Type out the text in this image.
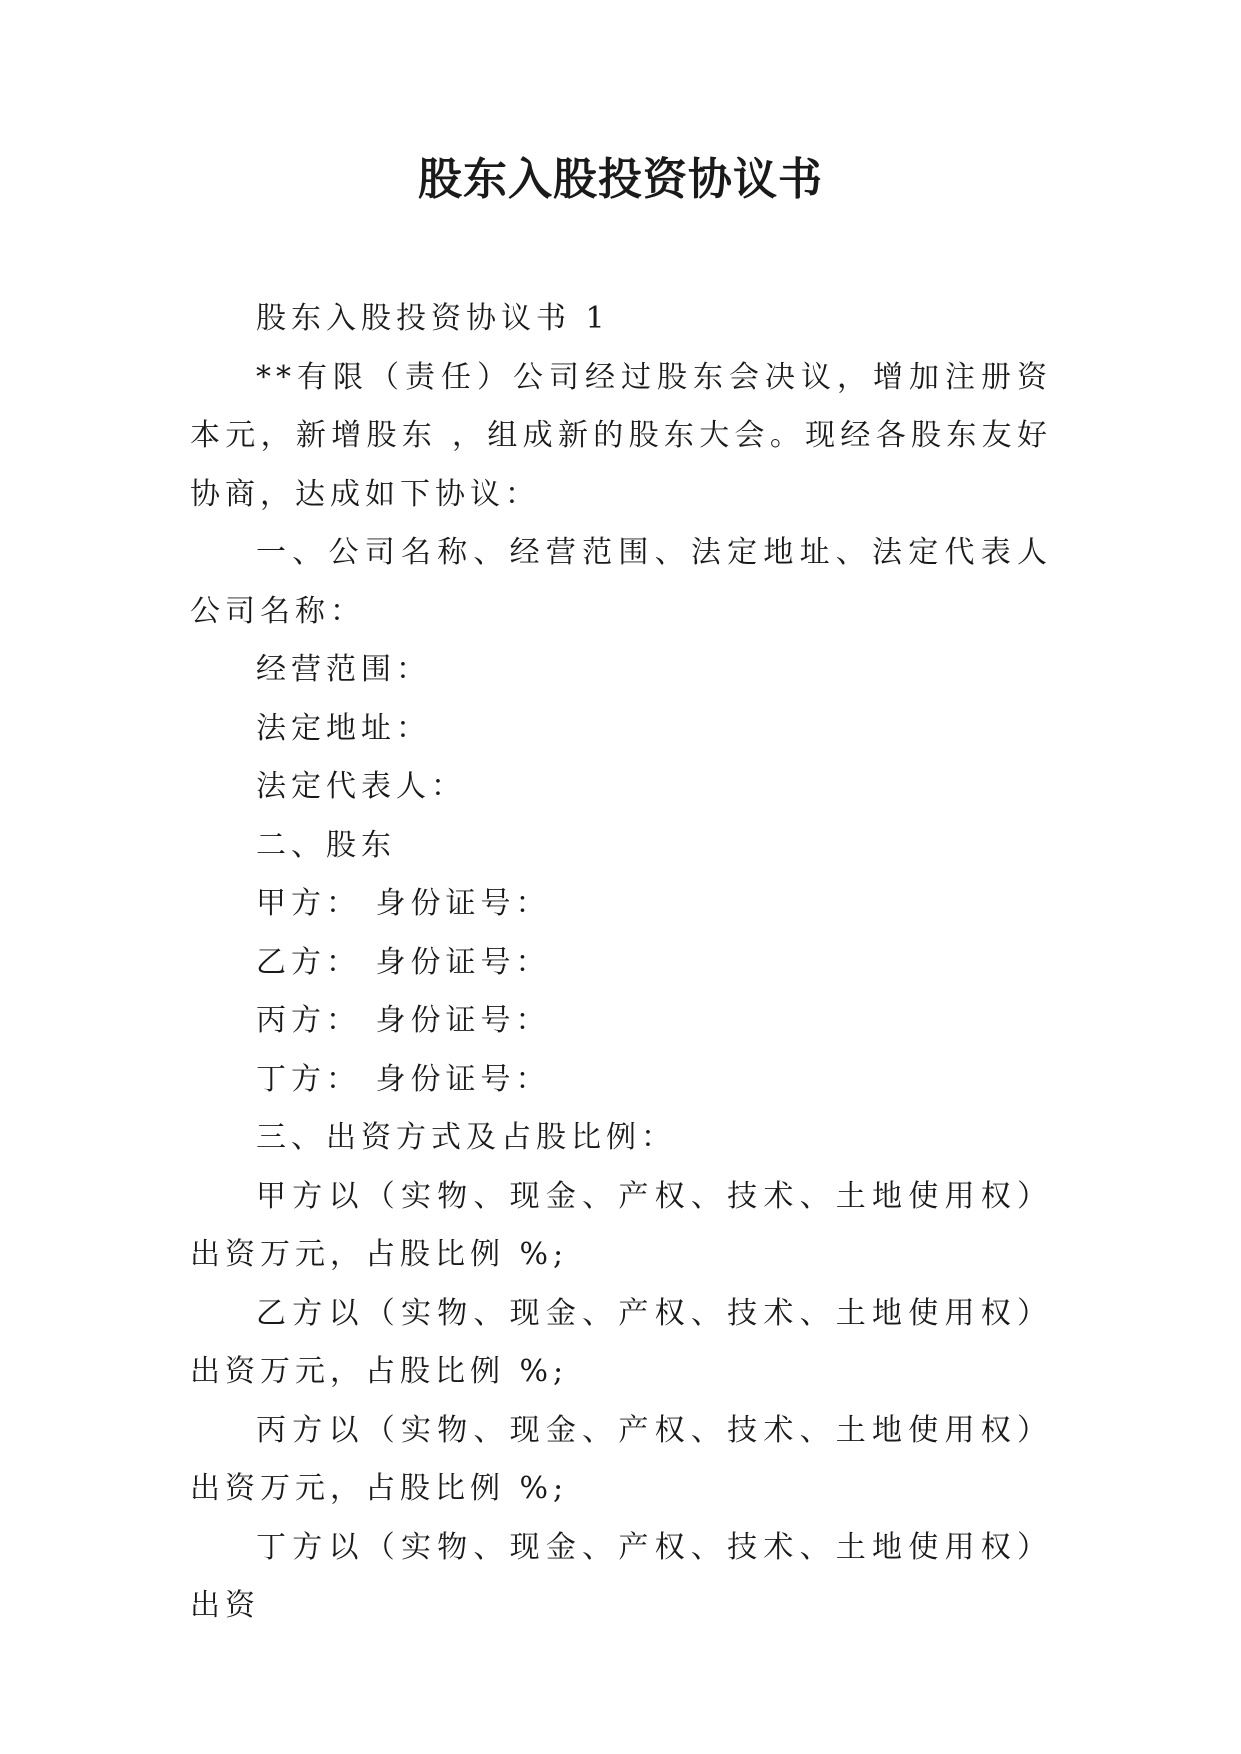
股东入股投资协议书

股东入股投资协议书 1

**有限（责任）公司经过股东会决议，增加注册资本元，新增股东 ，组成新的股东大会。现经各股东友好协商，达成如下协议：

一、公司名称、经营范围、法定地址、法定代表人 公司名称：

经营范围：

法定地址：

法定代表人：

二、股东

甲方： 身份证号：

乙方： 身份证号：

丙方： 身份证号：

丁方： 身份证号：

三、出资方式及占股比例：

甲方以（实物、现金、产权、技术、土地使用权）出资万元，占股比例 %;

乙方以（实物、现金、产权、技术、土地使用权）出资万元，占股比例 %;

丙方以（实物、现金、产权、技术、土地使用权）出资万元，占股比例 %;

丁方以（实物、现金、产权、技术、土地使用权）出资
